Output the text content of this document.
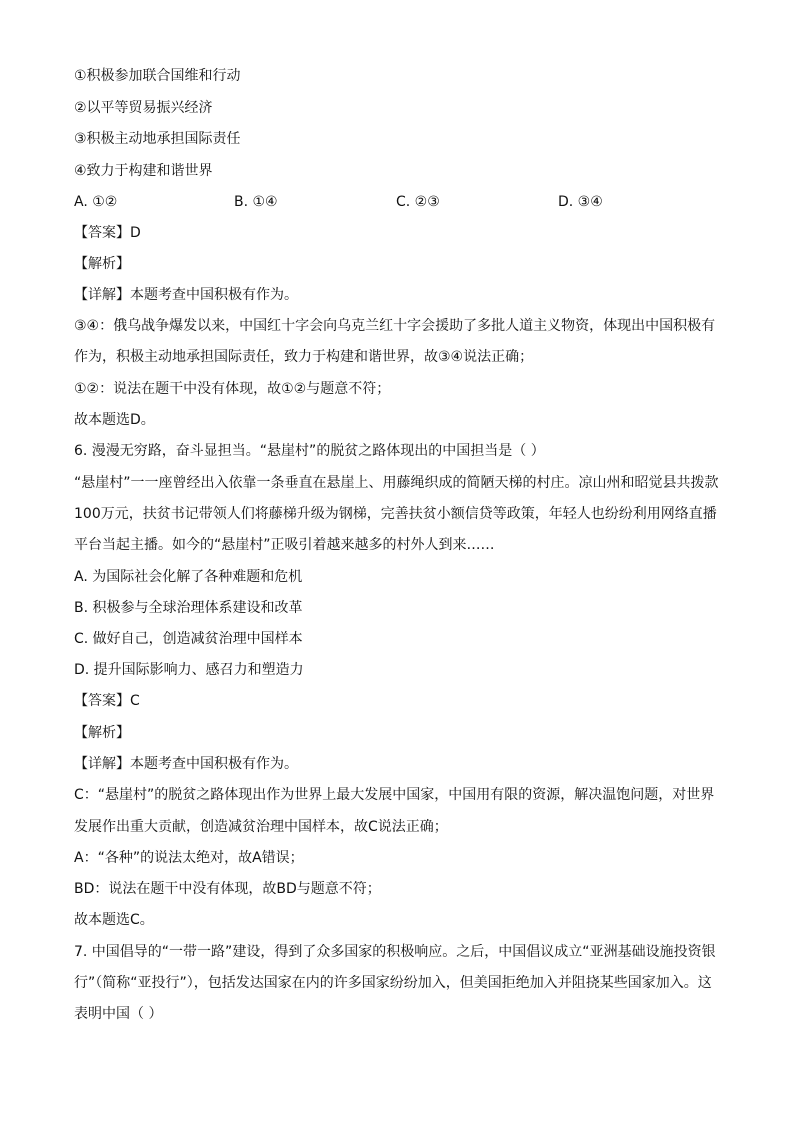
①积极参加联合国维和行动
②以平等贸易振兴经济
③积极主动地承担国际责任
④致力于构建和谐世界
A. ①②	B. ①④	C. ②③	D. ③④
【答案】D
【解析】
【详解】本题考查中国积极有作为。
③④：俄乌战争爆发以来，中国红十字会向乌克兰红十字会援助了多批人道主义物资，体现出中国积极有
作为，积极主动地承担国际责任，致力于构建和谐世界，故③④说法正确；
①②：说法在题干中没有体现，故①②与题意不符；
故本题选D。
6. 漫漫无穷路，奋斗显担当。“悬崖村”的脱贫之路体现出的中国担当是（ ）
“悬崖村”一一座曾经出入依靠一条垂直在悬崖上、用藤绳织成的简陋天梯的村庄。凉山州和昭觉县共拨款
100万元，扶贫书记带领人们将藤梯升级为钢梯，完善扶贫小额信贷等政策，年轻人也纷纷利用网络直播
平台当起主播。如今的“悬崖村”正吸引着越来越多的村外人到来……
A. 为国际社会化解了各种难题和危机
B. 积极参与全球治理体系建设和改革
C. 做好自己，创造减贫治理中国样本
D. 提升国际影响力、感召力和塑造力
【答案】C
【解析】
【详解】本题考查中国积极有作为。
C：“悬崖村”的脱贫之路体现出作为世界上最大发展中国家，中国用有限的资源，解决温饱问题，对世界
发展作出重大贡献，创造减贫治理中国样本，故C说法正确；
A：“各种”的说法太绝对，故A错误；
BD：说法在题干中没有体现，故BD与题意不符；
故本题选C。
7. 中国倡导的“一带一路”建设，得到了众多国家的积极响应。之后，中国倡议成立“亚洲基础设施投资银
行”（简称“亚投行”），包括发达国家在内的许多国家纷纷加入，但美国拒绝加入并阻挠某些国家加入。这
表明中国（ ）
